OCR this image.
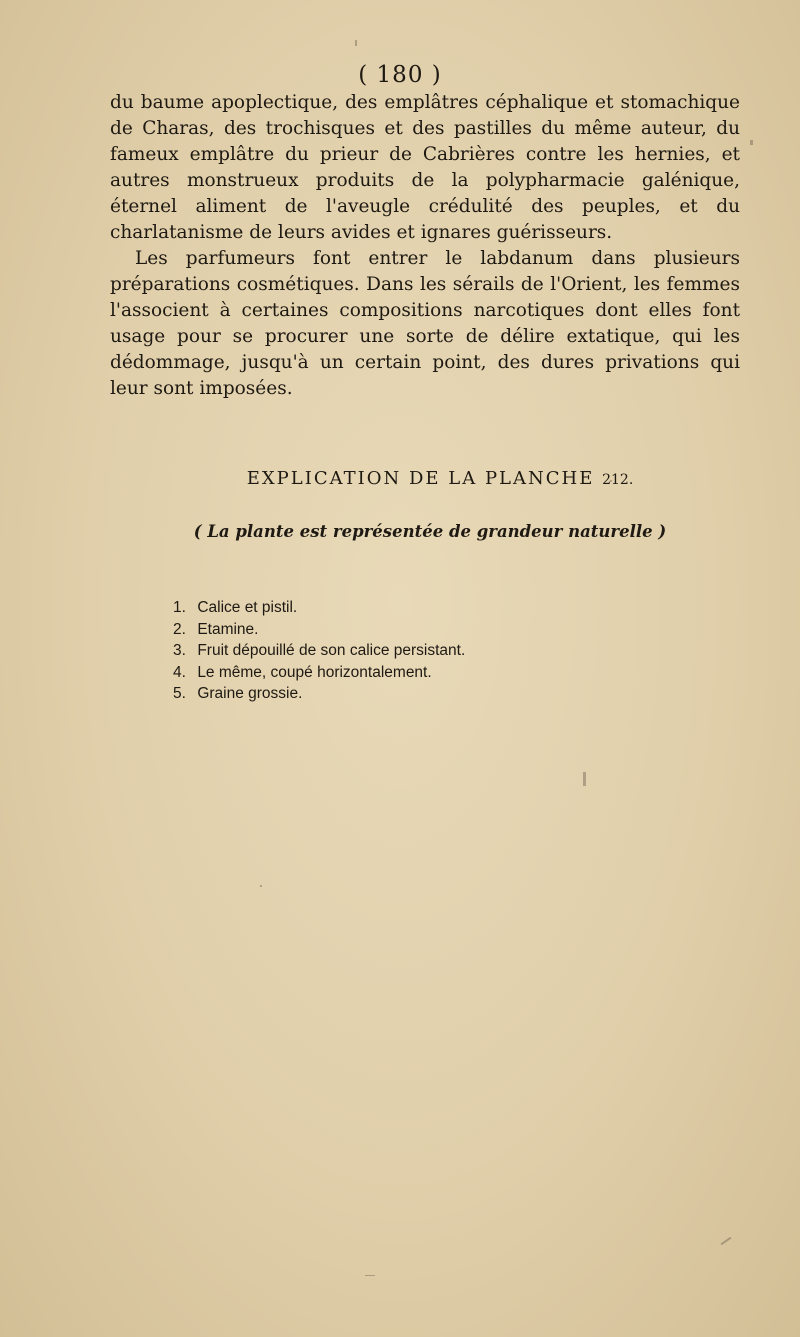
( 180 )

du baume apoplectique, des emplâtres céphalique et stomachique de Charas, des trochisques et des pastilles du même auteur, du fameux emplâtre du prieur de Cabrières contre les hernies, et autres monstrueux produits de la polypharmacie galénique, éternel aliment de l'aveugle crédulité des peuples, et du charlatanisme de leurs avides et ignares guérisseurs.

Les parfumeurs font entrer le labdanum dans plusieurs préparations cosmétiques. Dans les sérails de l'Orient, les femmes l'associent à certaines compositions narcotiques dont elles font usage pour se procurer une sorte de délire extatique, qui les dédommage, jusqu'à un certain point, des dures privations qui leur sont imposées.

EXPLICATION DE LA PLANCHE 212.
( La plante est représentée de grandeur naturelle )
1. Calice et pistil.
2. Etamine.
3. Fruit dépouillé de son calice persistant.
4. Le même, coupé horizontalement.
5. Graine grossie.
